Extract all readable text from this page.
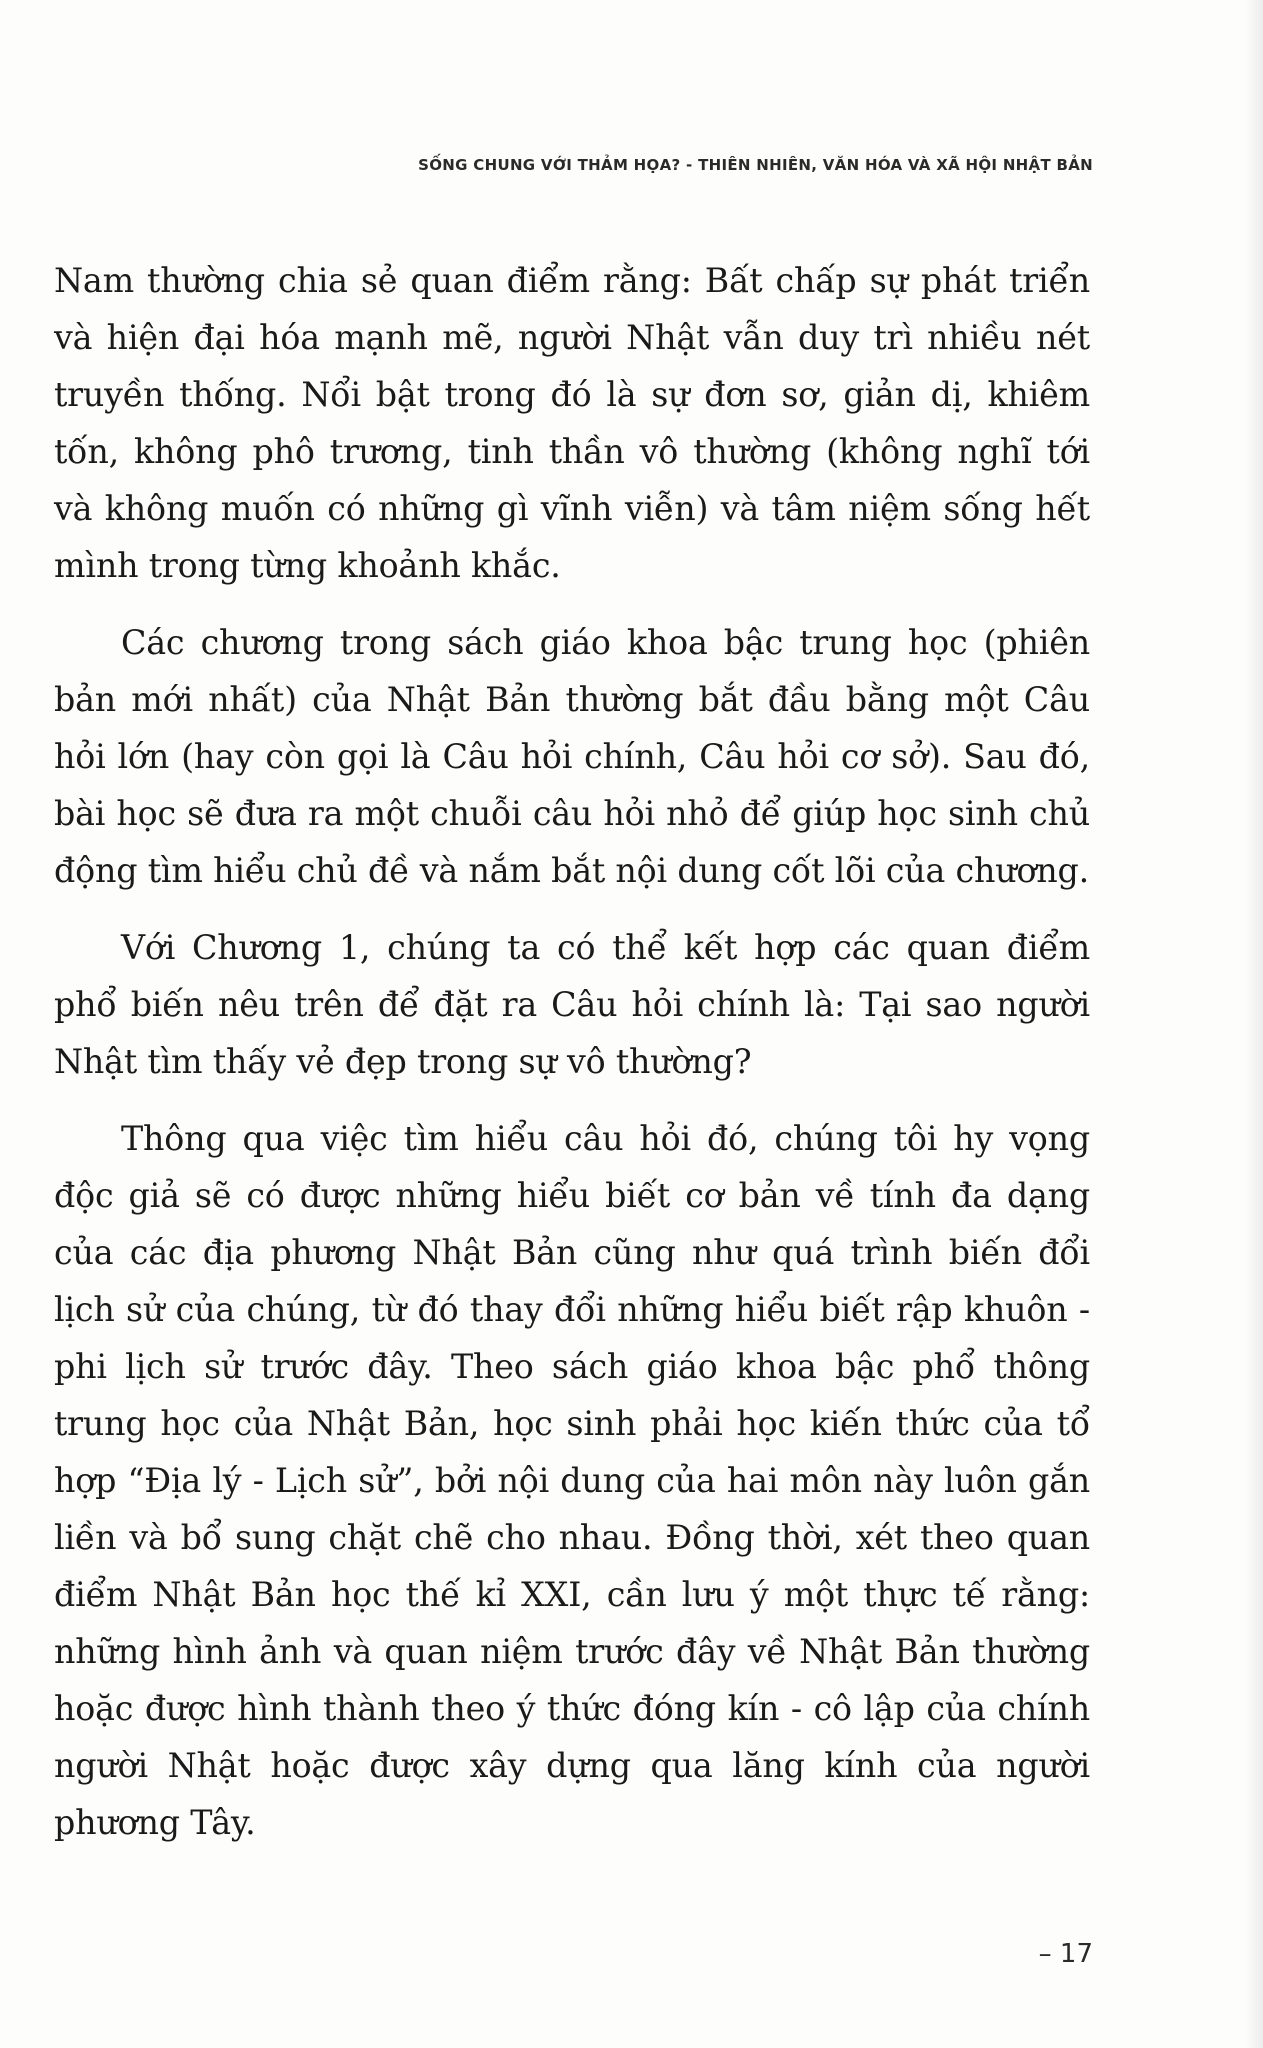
SỐNG CHUNG VỚI THẢM HỌA? - THIÊN NHIÊN, VĂN HÓA VÀ XÃ HỘI NHẬT BẢN

Nam thường chia sẻ quan điểm rằng: Bất chấp sự phát triển và hiện đại hóa mạnh mẽ, người Nhật vẫn duy trì nhiều nét truyền thống. Nổi bật trong đó là sự đơn sơ, giản dị, khiêm tốn, không phô trương, tinh thần vô thường (không nghĩ tới và không muốn có những gì vĩnh viễn) và tâm niệm sống hết mình trong từng khoảnh khắc.

Các chương trong sách giáo khoa bậc trung học (phiên bản mới nhất) của Nhật Bản thường bắt đầu bằng một Câu hỏi lớn (hay còn gọi là Câu hỏi chính, Câu hỏi cơ sở). Sau đó, bài học sẽ đưa ra một chuỗi câu hỏi nhỏ để giúp học sinh chủ động tìm hiểu chủ đề và nắm bắt nội dung cốt lõi của chương.

Với Chương 1, chúng ta có thể kết hợp các quan điểm phổ biến nêu trên để đặt ra Câu hỏi chính là: Tại sao người Nhật tìm thấy vẻ đẹp trong sự vô thường?

Thông qua việc tìm hiểu câu hỏi đó, chúng tôi hy vọng độc giả sẽ có được những hiểu biết cơ bản về tính đa dạng của các địa phương Nhật Bản cũng như quá trình biến đổi lịch sử của chúng, từ đó thay đổi những hiểu biết rập khuôn - phi lịch sử trước đây. Theo sách giáo khoa bậc phổ thông trung học của Nhật Bản, học sinh phải học kiến thức của tổ hợp “Địa lý - Lịch sử”, bởi nội dung của hai môn này luôn gắn liền và bổ sung chặt chẽ cho nhau. Đồng thời, xét theo quan điểm Nhật Bản học thế kỉ XXI, cần lưu ý một thực tế rằng: những hình ảnh và quan niệm trước đây về Nhật Bản thường hoặc được hình thành theo ý thức đóng kín - cô lập của chính người Nhật hoặc được xây dựng qua lăng kính của người phương Tây.

– 17
